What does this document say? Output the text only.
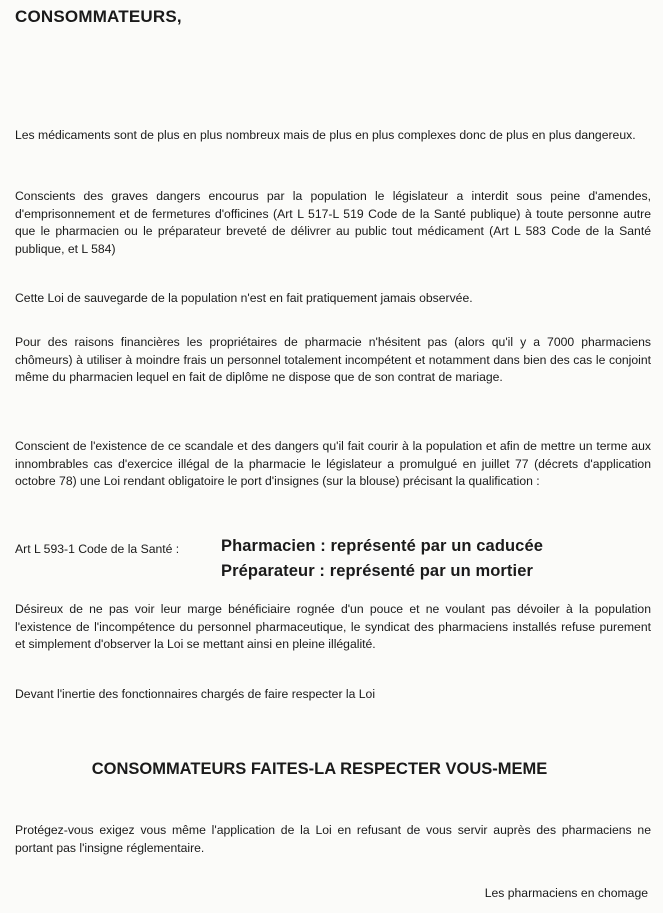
CONSOMMATEURS,

Les médicaments sont de plus en plus nombreux mais de plus en plus complexes donc de plus en plus dangereux.

Conscients des graves dangers encourus par la population le législateur a interdit sous peine d'amendes, d'emprisonnement et de fermetures d'officines (Art L 517-L 519 Code de la Santé publique) à toute personne autre que le pharmacien ou le préparateur breveté de délivrer au public tout médicament (Art L 583 Code de la Santé publique, et L 584)

Cette Loi de sauvegarde de la population n'est en fait pratiquement jamais observée.

Pour des raisons financières les propriétaires de pharmacie n'hésitent pas (alors qu'il y a 7000 pharmaciens chômeurs) à utiliser à moindre frais un personnel totalement incompétent et notamment dans bien des cas le conjoint même du pharmacien lequel en fait de diplôme ne dispose que de son contrat de mariage.

Conscient de l'existence de ce scandale et des dangers qu'il fait courir à la population et afin de mettre un terme aux innombrables cas d'exercice illégal de la pharmacie le législateur a promulgué en juillet 77 (décrets d'application octobre 78) une Loi rendant obligatoire le port d'insignes (sur la blouse) précisant la qualification :

Art L 593-1 Code de la Santé :	Pharmacien : représenté par un caducée
Préparateur : représenté par un mortier

Désireux de ne pas voir leur marge bénéficiaire rognée d'un pouce et ne voulant pas dévoiler à la population l'existence de l'incompétence du personnel pharmaceutique, le syndicat des pharmaciens installés refuse purement et simplement d'observer la Loi se mettant ainsi en pleine illégalité.

Devant l'inertie des fonctionnaires chargés de faire respecter la Loi

CONSOMMATEURS FAITES-LA RESPECTER VOUS-MEME

Protégez-vous exigez vous même l'application de la Loi en refusant de vous servir auprès des pharmaciens ne portant pas l'insigne réglementaire.

Les pharmaciens en chomage
